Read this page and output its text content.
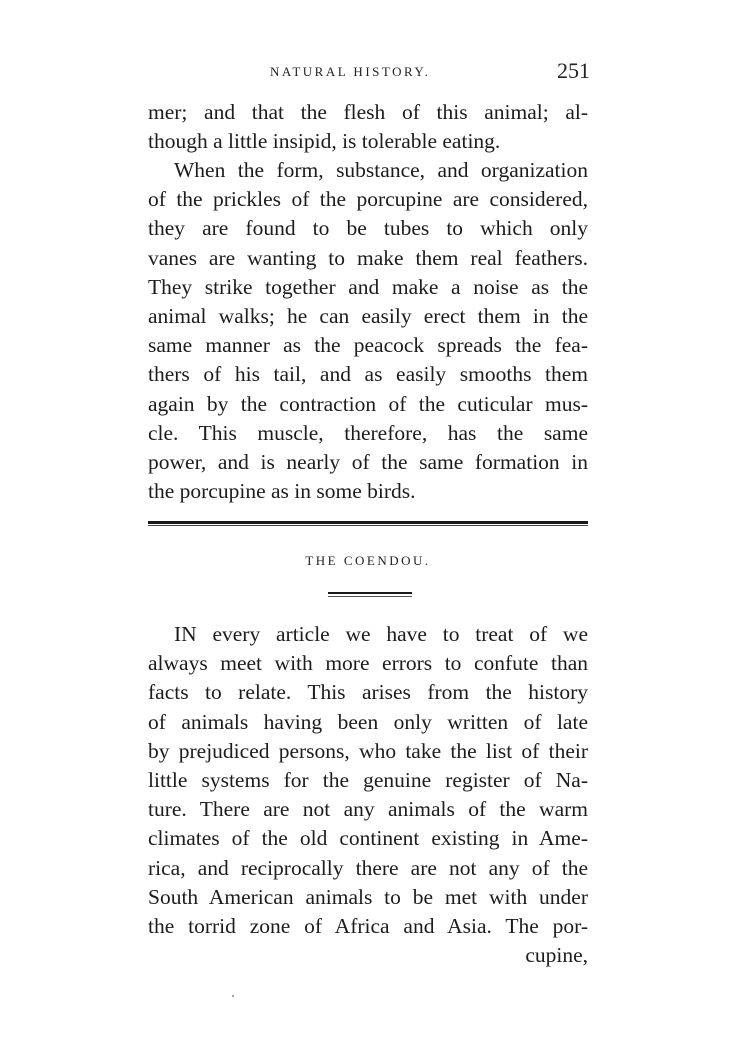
NATURAL HISTORY.	251
mer; and that the flesh of this animal; al-
though a little insipid, is tolerable eating.
When the form, substance, and organization
of the prickles of the porcupine are considered,
they are found to be tubes to which only
vanes are wanting to make them real feathers.
They strike together and make a noise as the
animal walks; he can easily erect them in the
same manner as the peacock spreads the fea-
thers of his tail, and as easily smooths them
again by the contraction of the cuticular mus-
cle. This muscle, therefore, has the same
power, and is nearly of the same formation in
the porcupine as in some birds.
THE COENDOU.
IN every article we have to treat of we
always meet with more errors to confute than
facts to relate. This arises from the history
of animals having been only written of late
by prejudiced persons, who take the list of their
little systems for the genuine register of Na-
ture. There are not any animals of the warm
climates of the old continent existing in Ame-
rica, and reciprocally there are not any of the
South American animals to be met with under
the torrid zone of Africa and Asia. The por-
cupine,
